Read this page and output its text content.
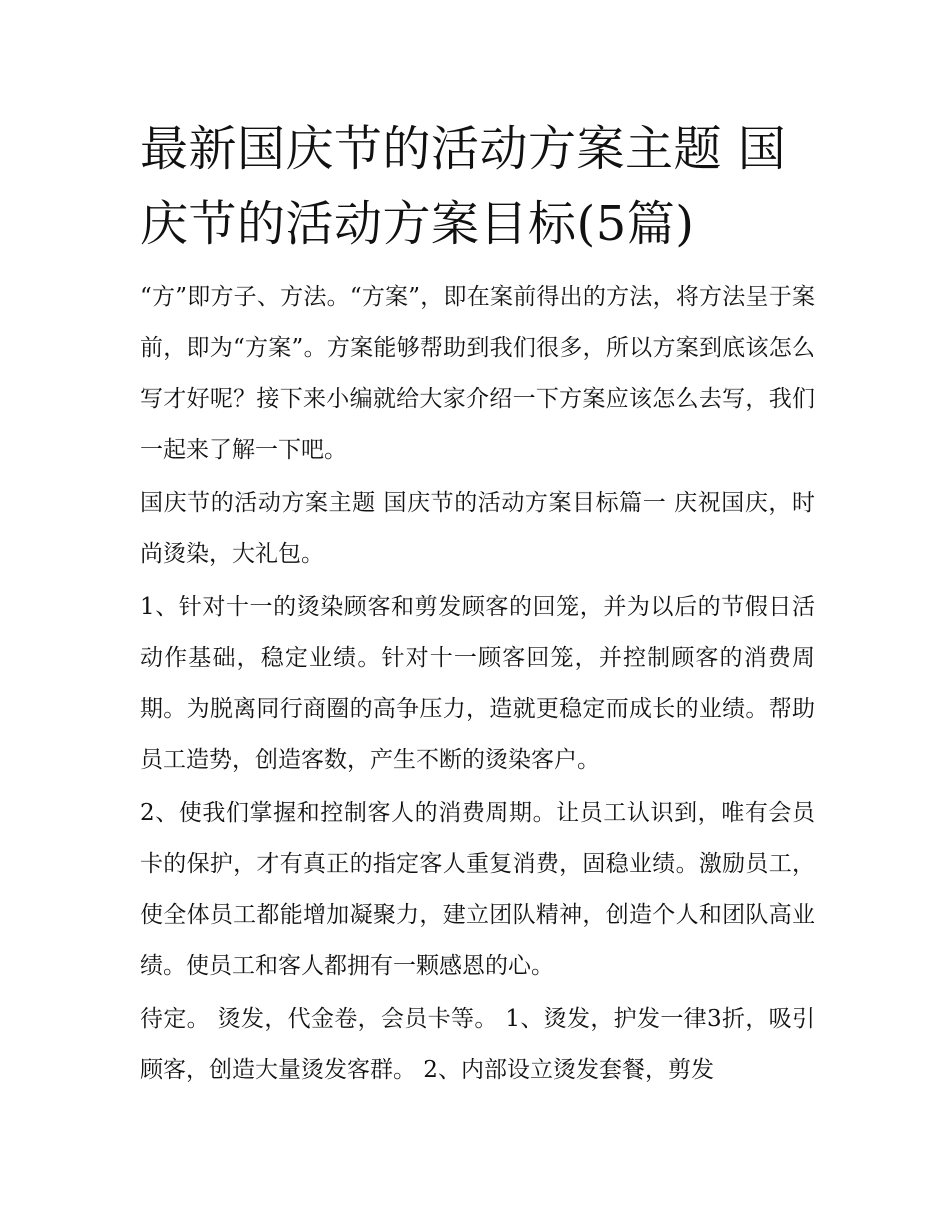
最新国庆节的活动方案主题 国庆节的活动方案目标(5篇)

“方”即方子、方法。“方案”，即在案前得出的方法，将方法呈于案前，即为“方案”。方案能够帮助到我们很多，所以方案到底该怎么写才好呢？接下来小编就给大家介绍一下方案应该怎么去写，我们一起来了解一下吧。

国庆节的活动方案主题 国庆节的活动方案目标篇一 庆祝国庆，时尚烫染，大礼包。

1、针对十一的烫染顾客和剪发顾客的回笼，并为以后的节假日活动作基础，稳定业绩。针对十一顾客回笼，并控制顾客的消费周期。为脱离同行商圈的高争压力，造就更稳定而成长的业绩。帮助员工造势，创造客数，产生不断的烫染客户。

2、使我们掌握和控制客人的消费周期。让员工认识到，唯有会员卡的保护，才有真正的指定客人重复消费，固稳业绩。激励员工，使全体员工都能增加凝聚力，建立团队精神，创造个人和团队高业绩。使员工和客人都拥有一颗感恩的心。

待定。 烫发，代金卷，会员卡等。 1、烫发，护发一律3折，吸引顾客，创造大量烫发客群。 2、内部设立烫发套餐，剪发
